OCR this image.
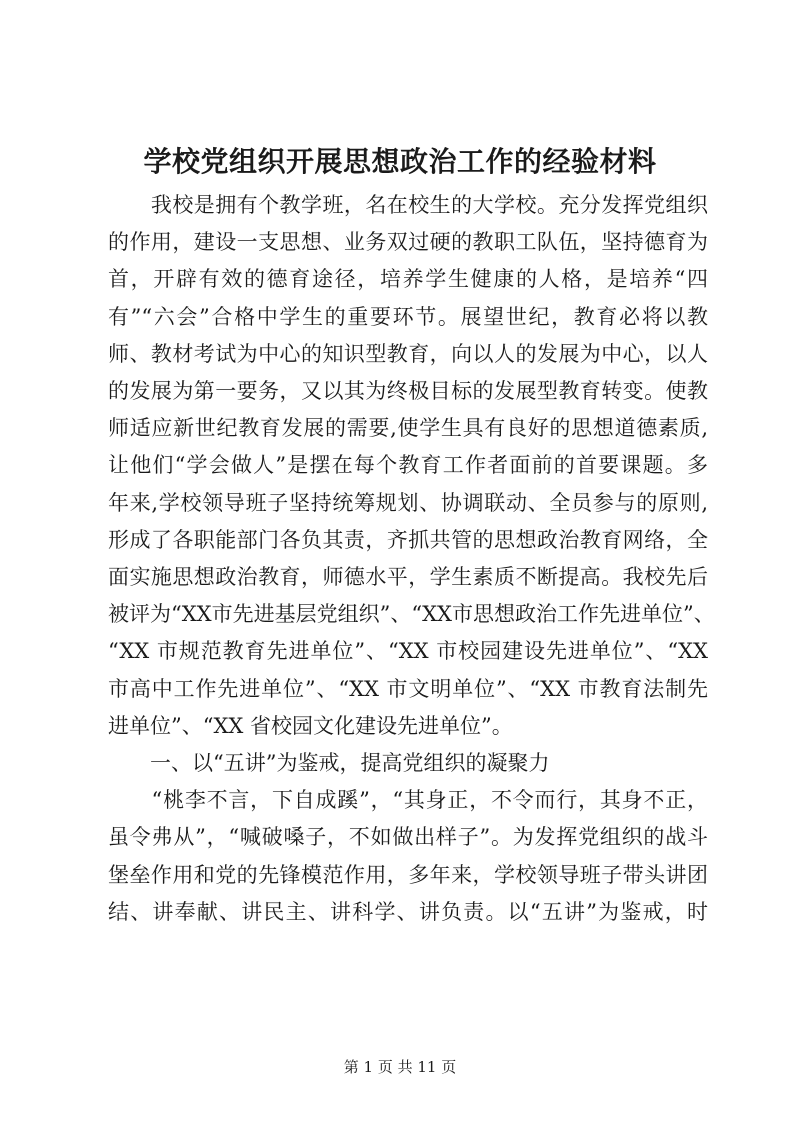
学校党组织开展思想政治工作的经验材料

　　我校是拥有个教学班，名在校生的大学校。充分发挥党组织

的作用，建设一支思想、业务双过硬的教职工队伍，坚持德育为

首，开辟有效的德育途径，培养学生健康的人格，是培养“四

有”“六会”合格中学生的重要环节。展望世纪，教育必将以教

师、教材考试为中心的知识型教育，向以人的发展为中心，以人

的发展为第一要务，又以其为终极目标的发展型教育转变。使教

师适应新世纪教育发展的需要,使学生具有良好的思想道德素质,

让他们“学会做人”是摆在每个教育工作者面前的首要课题。多

年来,学校领导班子坚持统筹规划、协调联动、全员参与的原则,

形成了各职能部门各负其责，齐抓共管的思想政治教育网络，全

面实施思想政治教育，师德水平，学生素质不断提高。我校先后

被评为“XX市先进基层党组织”、“XX市思想政治工作先进单位”、

“XX 市规范教育先进单位”、“XX 市校园建设先进单位”、“XX

市高中工作先进单位”、“XX 市文明单位”、“XX 市教育法制先

进单位”、“XX 省校园文化建设先进单位”。

　　一、以“五讲”为鉴戒，提高党组织的凝聚力

　　“桃李不言，下自成蹊”，“其身正，不令而行，其身不正，

虽令弗从”，“喊破嗓子，不如做出样子”。为发挥党组织的战斗

堡垒作用和党的先锋模范作用，多年来，学校领导班子带头讲团

结、讲奉献、讲民主、讲科学、讲负责。以“五讲”为鉴戒，时

第 1 页 共 11 页
